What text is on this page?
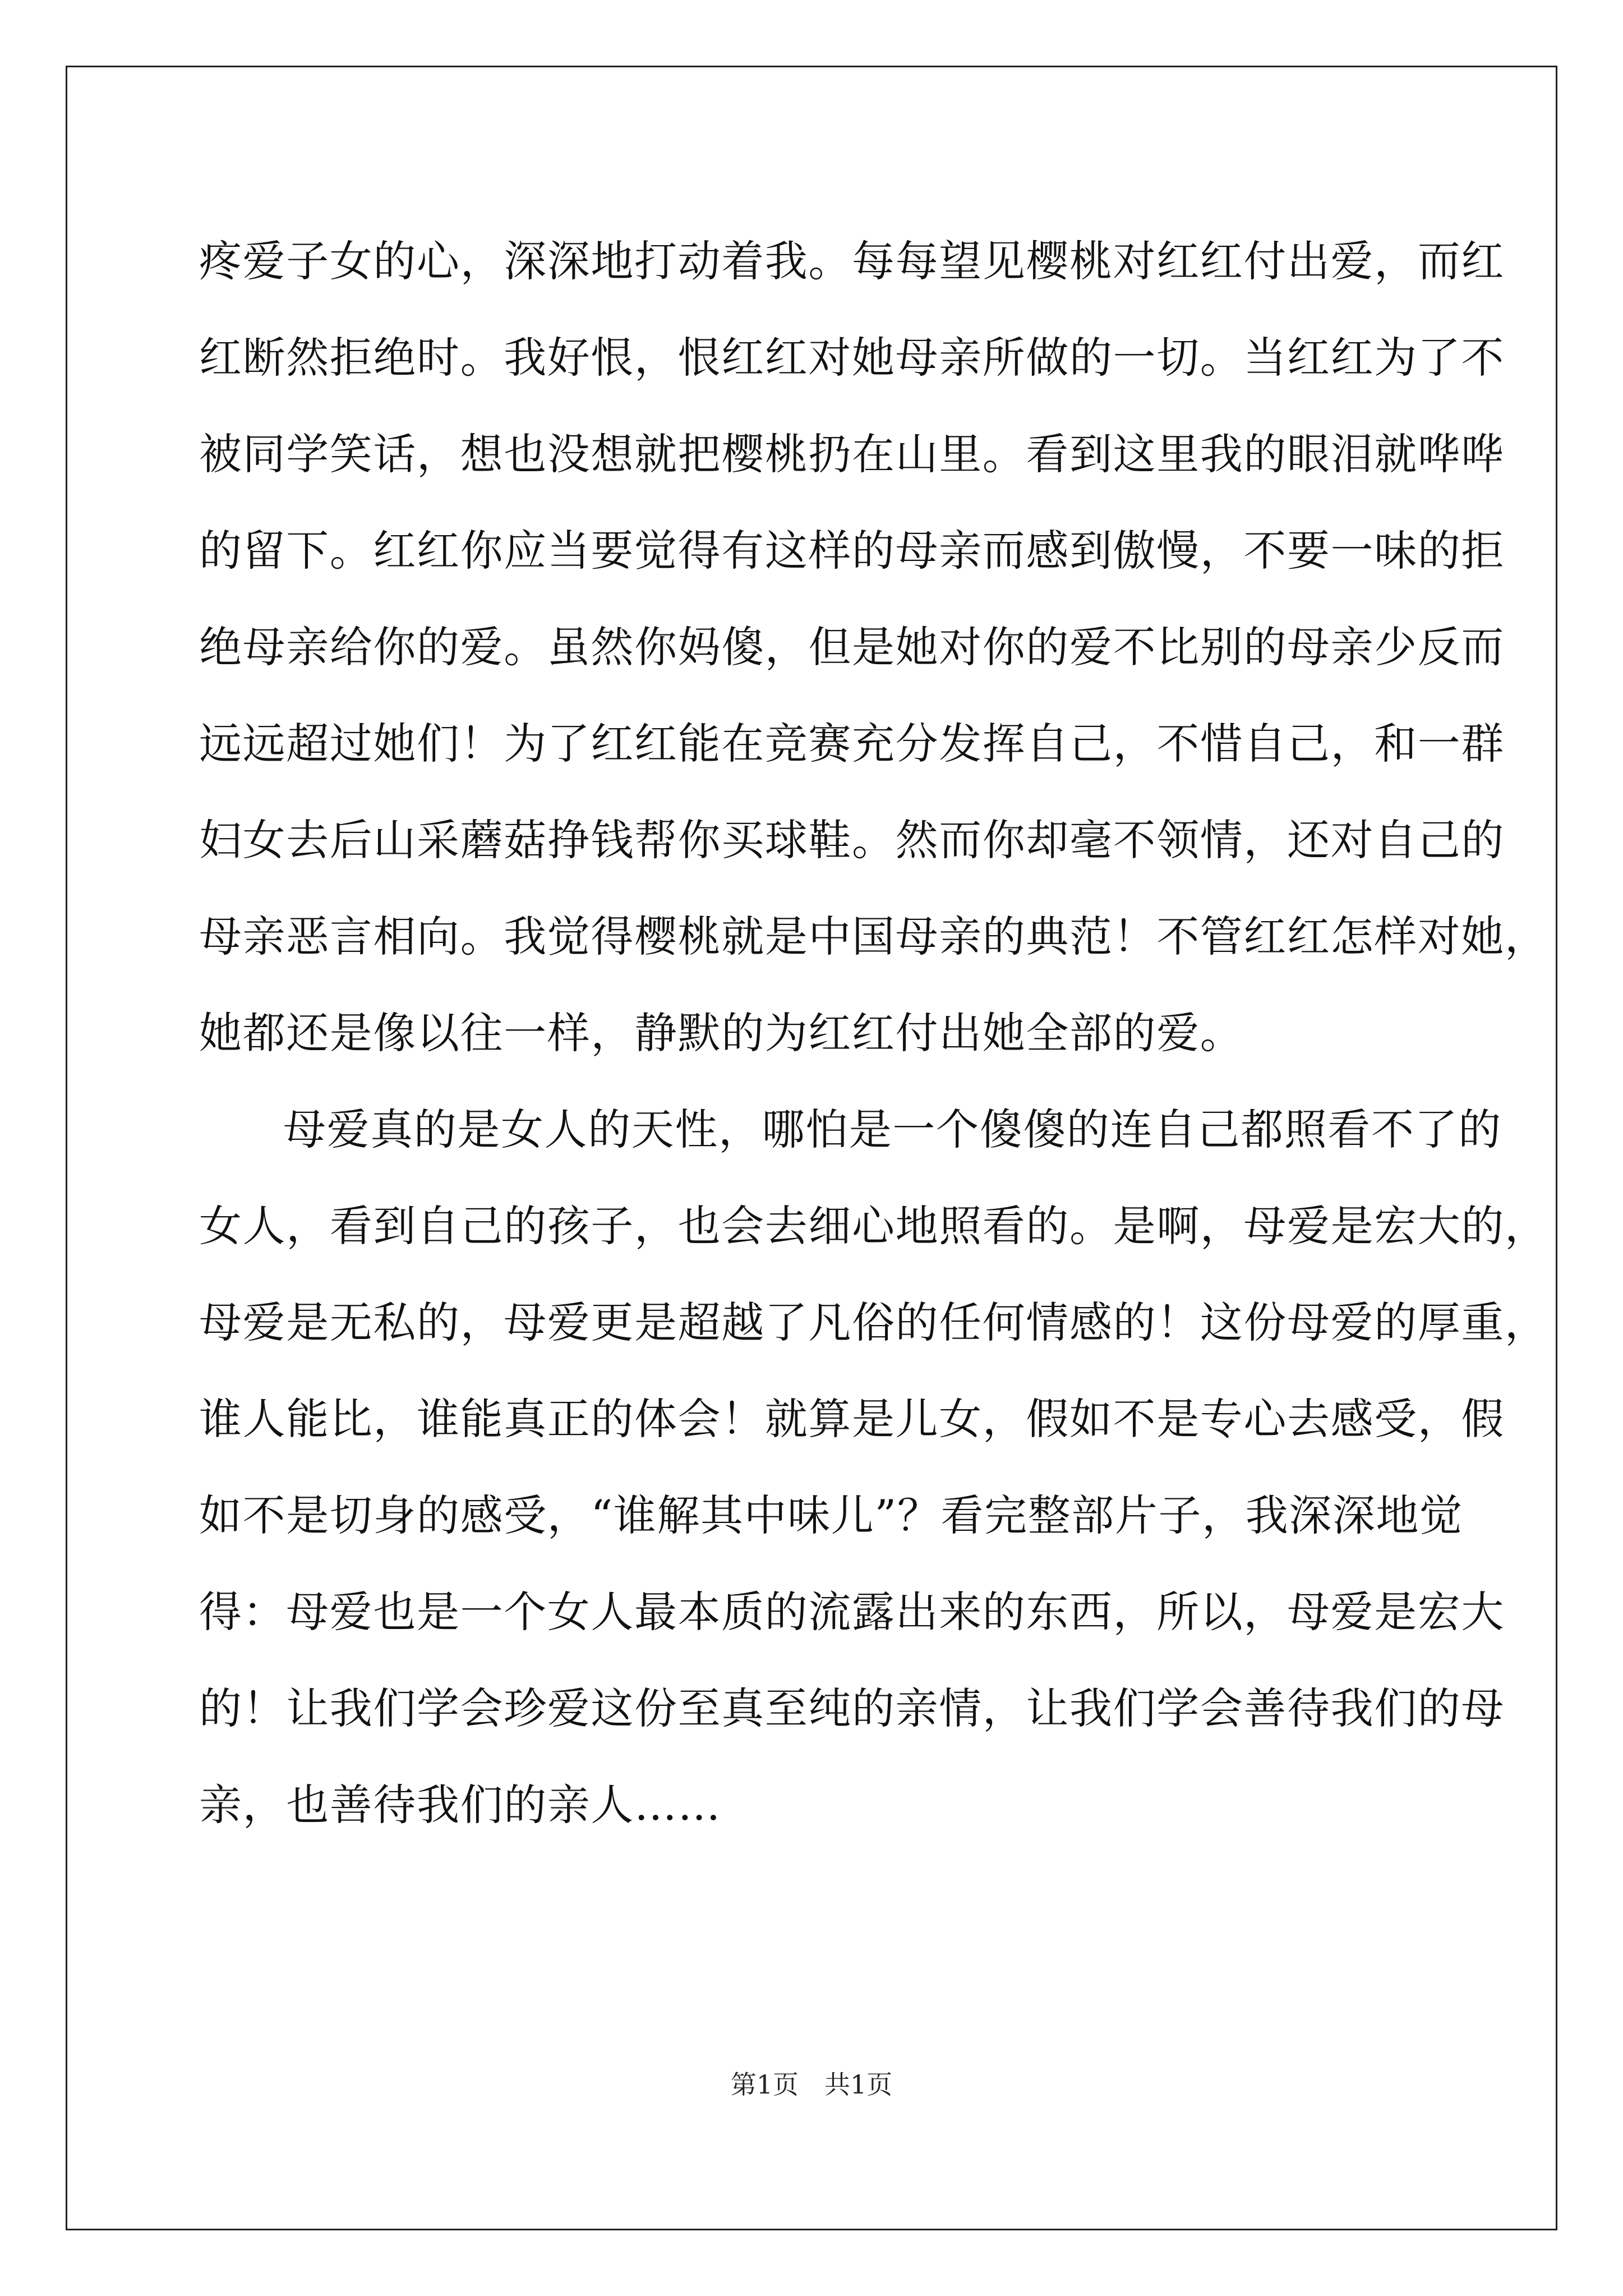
疼爱子女的心，深深地打动着我。每每望见樱桃对红红付出爱，而红
红断然拒绝时。我好恨，恨红红对她母亲所做的一切。当红红为了不
被同学笑话，想也没想就把樱桃扔在山里。看到这里我的眼泪就哗哗
的留下。红红你应当要觉得有这样的母亲而感到傲慢，不要一味的拒
绝母亲给你的爱。虽然你妈傻，但是她对你的爱不比别的母亲少反而
远远超过她们！为了红红能在竞赛充分发挥自己，不惜自己，和一群
妇女去后山采蘑菇挣钱帮你买球鞋。然而你却毫不领情，还对自己的
母亲恶言相向。我觉得樱桃就是中国母亲的典范！不管红红怎样对她，
她都还是像以往一样，静默的为红红付出她全部的爱。
母爱真的是女人的天性，哪怕是一个傻傻的连自己都照看不了的
女人，看到自己的孩子，也会去细心地照看的。是啊，母爱是宏大的，
母爱是无私的，母爱更是超越了凡俗的任何情感的！这份母爱的厚重，
谁人能比，谁能真正的体会！就算是儿女，假如不是专心去感受，假
如不是切身的感受，“谁解其中味儿”？看完整部片子，我深深地觉
得：母爱也是一个女人最本质的流露出来的东西，所以，母爱是宏大
的！让我们学会珍爱这份至真至纯的亲情，让我们学会善待我们的母
亲，也善待我们的亲人……
第1页　共1页
